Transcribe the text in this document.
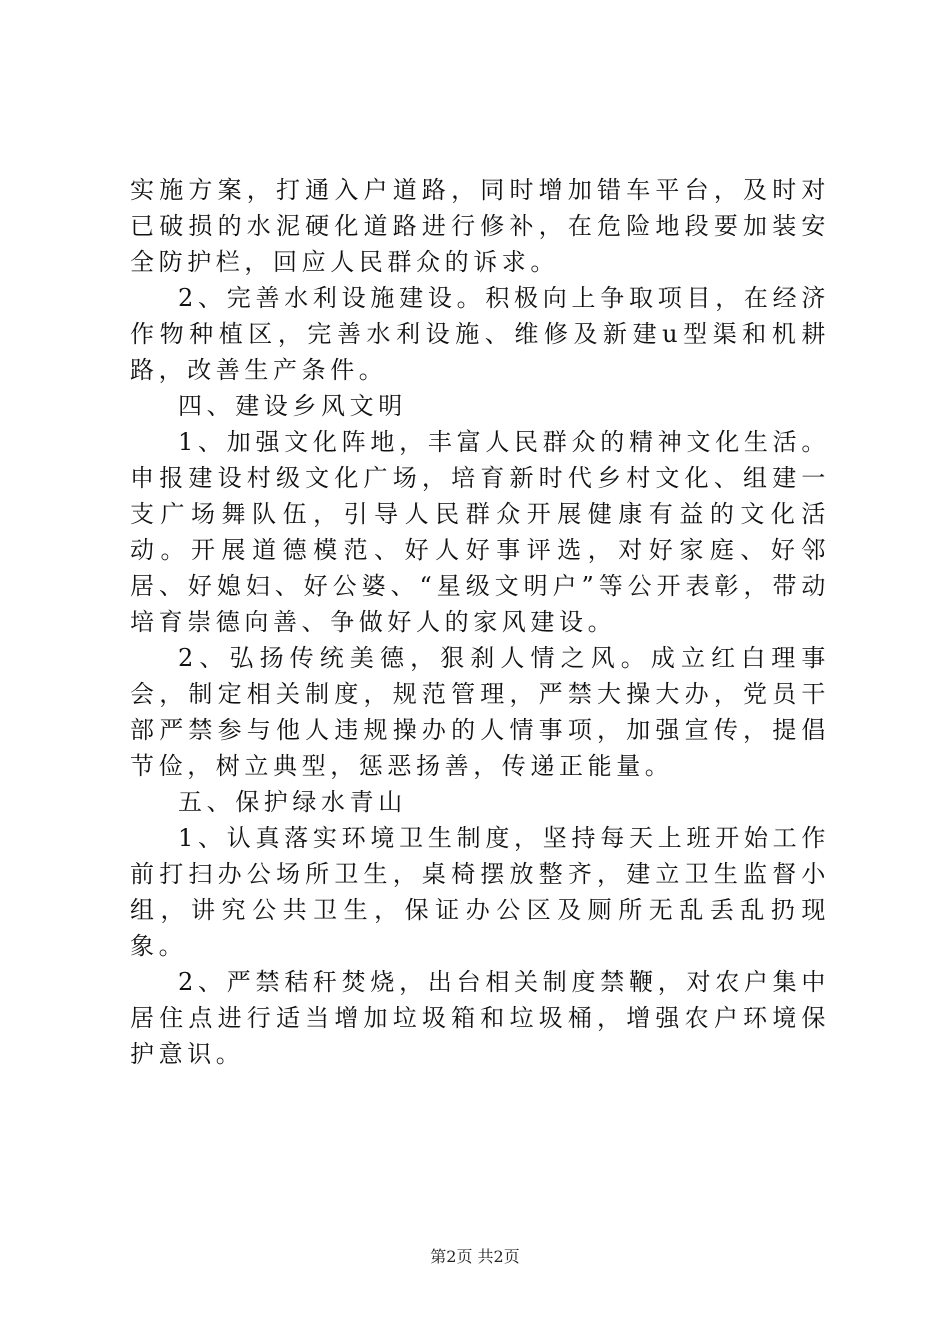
实施方案，打通入户道路，同时增加错车平台，及时对已破损的水泥硬化道路进行修补，在危险地段要加装安全防护栏，回应人民群众的诉求。

2、完善水利设施建设。积极向上争取项目，在经济作物种植区，完善水利设施、维修及新建u型渠和机耕路，改善生产条件。

四、建设乡风文明

1、加强文化阵地，丰富人民群众的精神文化生活。申报建设村级文化广场，培育新时代乡村文化、组建一支广场舞队伍，引导人民群众开展健康有益的文化活动。开展道德模范、好人好事评选，对好家庭、好邻居、好媳妇、好公婆、“星级文明户”等公开表彰，带动培育崇德向善、争做好人的家风建设。

2、弘扬传统美德，狠刹人情之风。成立红白理事会，制定相关制度，规范管理，严禁大操大办，党员干部严禁参与他人违规操办的人情事项，加强宣传，提倡节俭，树立典型，惩恶扬善，传递正能量。

五、保护绿水青山

1、认真落实环境卫生制度，坚持每天上班开始工作前打扫办公场所卫生，桌椅摆放整齐，建立卫生监督小组，讲究公共卫生，保证办公区及厕所无乱丢乱扔现象。

2、严禁秸秆焚烧，出台相关制度禁鞭，对农户集中居住点进行适当增加垃圾箱和垃圾桶，增强农户环境保护意识。

第2页 共2页
